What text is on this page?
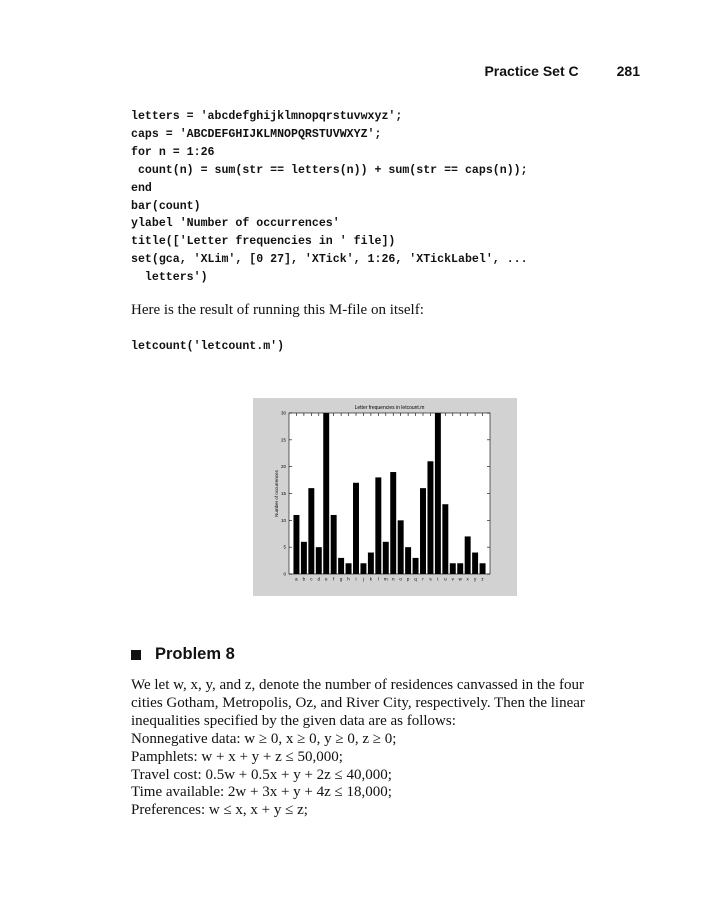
Practice Set C	281
letters = 'abcdefghijklmnopqrstuvwxyz';
caps = 'ABCDEFGHIJKLMNOPQRSTUVWXYZ';
for n = 1:26
count(n) = sum(str == letters(n)) + sum(str == caps(n));
end
bar(count)
ylabel 'Number of occurrences'
title(['Letter frequencies in ' file])
set(gca, 'XLim', [0 27], 'XTick', 1:26, 'XTickLabel', ...
letters')
Here is the result of running this M-file on itself:
letcount('letcount.m')
0
5
10
15
20
25
30
a b c d e f g h i j k l m n o p q r s t u v w x y z
Letter frequencies in letcount.m
Number of occurrences
Problem 8
We let w, x, y, and z, denote the number of residences canvassed in the four
cities Gotham, Metropolis, Oz, and River City, respectively. Then the linear
inequalities specified by the given data are as follows:
Nonnegative data: w ≥ 0, x ≥ 0, y ≥ 0, z ≥ 0;
Pamphlets: w + x + y + z ≤ 50,000;
Travel cost: 0.5w + 0.5x + y + 2z ≤ 40,000;
Time available: 2w + 3x + y + 4z ≤ 18,000;
Preferences: w ≤ x, x + y ≤ z;
